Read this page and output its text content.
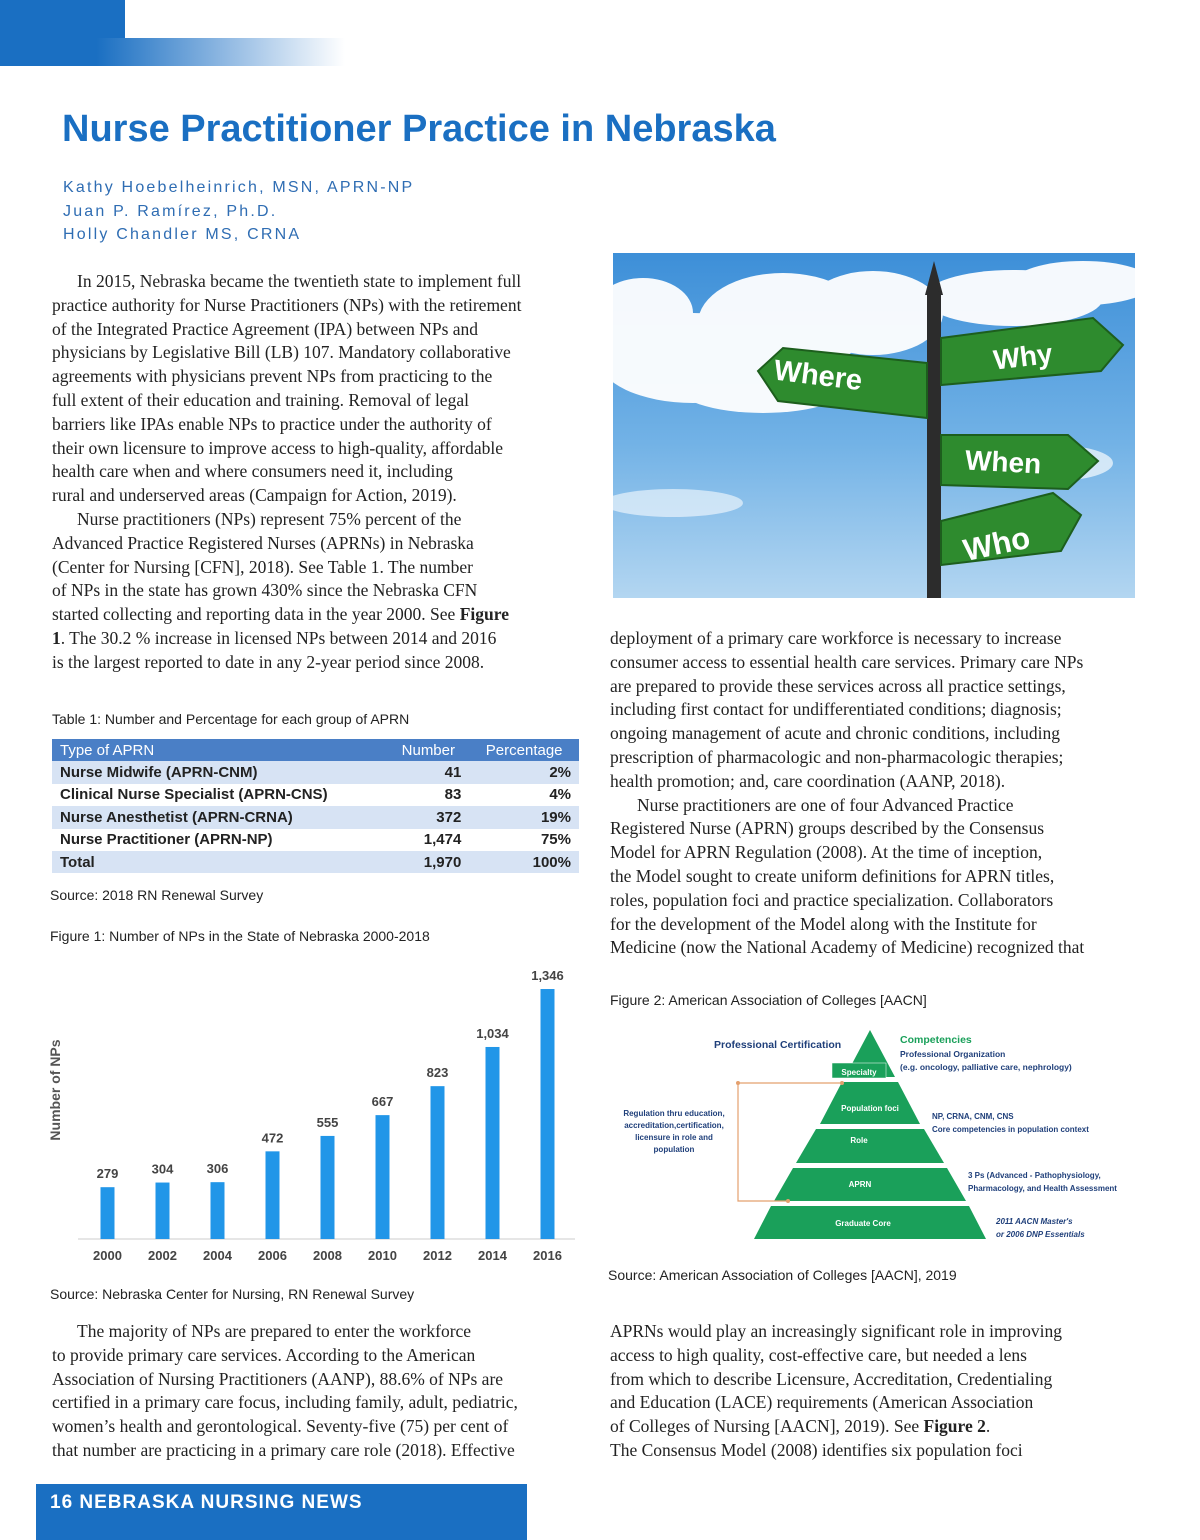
Nurse Practitioner Practice in Nebraska
Kathy Hoebelheinrich, MSN, APRN-NP
Juan P. Ramírez, Ph.D.
Holly Chandler MS, CRNA

In 2015, Nebraska became the twentieth state to implement full
practice authority for Nurse Practitioners (NPs) with the retirement
of the Integrated Practice Agreement (IPA) between NPs and
physicians by Legislative Bill (LB) 107. Mandatory collaborative
agreements with physicians prevent NPs from practicing to the
full extent of their education and training. Removal of legal
barriers like IPAs enable NPs to practice under the authority of
their own licensure to improve access to high-quality, affordable
health care when and where consumers need it, including
rural and underserved areas (Campaign for Action, 2019).

Nurse practitioners (NPs) represent 75% percent of the
Advanced Practice Registered Nurses (APRNs) in Nebraska
(Center for Nursing [CFN], 2018). See Table 1. The number
of NPs in the state has grown 430% since the Nebraska CFN
started collecting and reporting data in the year 2000. See Figure
1. The 30.2 % increase in licensed NPs between 2014 and 2016
is the largest reported to date in any 2-year period since 2008.

Table 1: Number and Percentage for each group of APRN
Type of APRN	Number	Percentage
Nurse Midwife (APRN-CNM)	41	2%
Clinical Nurse Specialist (APRN-CNS)	83	4%
Nurse Anesthetist (APRN-CRNA)	372	19%
Nurse Practitioner (APRN-NP)	1,474	75%
Total	1,970	100%
Source: 2018 RN Renewal Survey
Figure 1: Number of NPs in the State of Nebraska 2000-2018
Number of NPs
279
2000
304
2002
306
2004
472
2006
555
2008
667
2010
823
2012
1,034
2014
1,346
2016
Source: Nebraska Center for Nursing, RN Renewal Survey

The majority of NPs are prepared to enter the workforce
to provide primary care services. According to the American
Association of Nursing Practitioners (AANP), 88.6% of NPs are
certified in a primary care focus, including family, adult, pediatric,
women’s health and gerontological. Seventy-five (75) per cent of
that number are practicing in a primary care role (2018). Effective

Why
Where
When
Who

deployment of a primary care workforce is necessary to increase
consumer access to essential health care services. Primary care NPs
are prepared to provide these services across all practice settings,
including first contact for undifferentiated conditions; diagnosis;
ongoing management of acute and chronic conditions, including
prescription of pharmacologic and non-pharmacologic therapies;
health promotion; and, care coordination (AANP, 2018).

Nurse practitioners are one of four Advanced Practice
Registered Nurse (APRN) groups described by the Consensus
Model for APRN Regulation (2008). At the time of inception,
the Model sought to create uniform definitions for APRN titles,
roles, population foci and practice specialization. Collaborators
for the development of the Model along with the Institute for
Medicine (now the National Academy of Medicine) recognized that

Figure 2: American Association of Colleges [AACN]
Professional Certification	Competencies
Professional Organization
(e.g. oncology, palliative care, nephrology)
Specialty
Population foci
Role
APRN
Graduate Core
Regulation thru education,
accreditation,certification,
licensure in role and
population
NP, CRNA, CNM, CNS
Core competencies in population context
3 Ps (Advanced - Pathophysiology,
Pharmacology, and Health Assessment
2011 AACN Master's
or 2006 DNP Essentials
Source: American Association of Colleges [AACN], 2019

APRNs would play an increasingly significant role in improving
access to high quality, cost-effective care, but needed a lens
from which to describe Licensure, Accreditation, Credentialing
and Education (LACE) requirements (American Association
of Colleges of Nursing [AACN], 2019). See Figure 2.
The Consensus Model (2008) identifies six population foci

16 NEBRASKA NURSING NEWS
